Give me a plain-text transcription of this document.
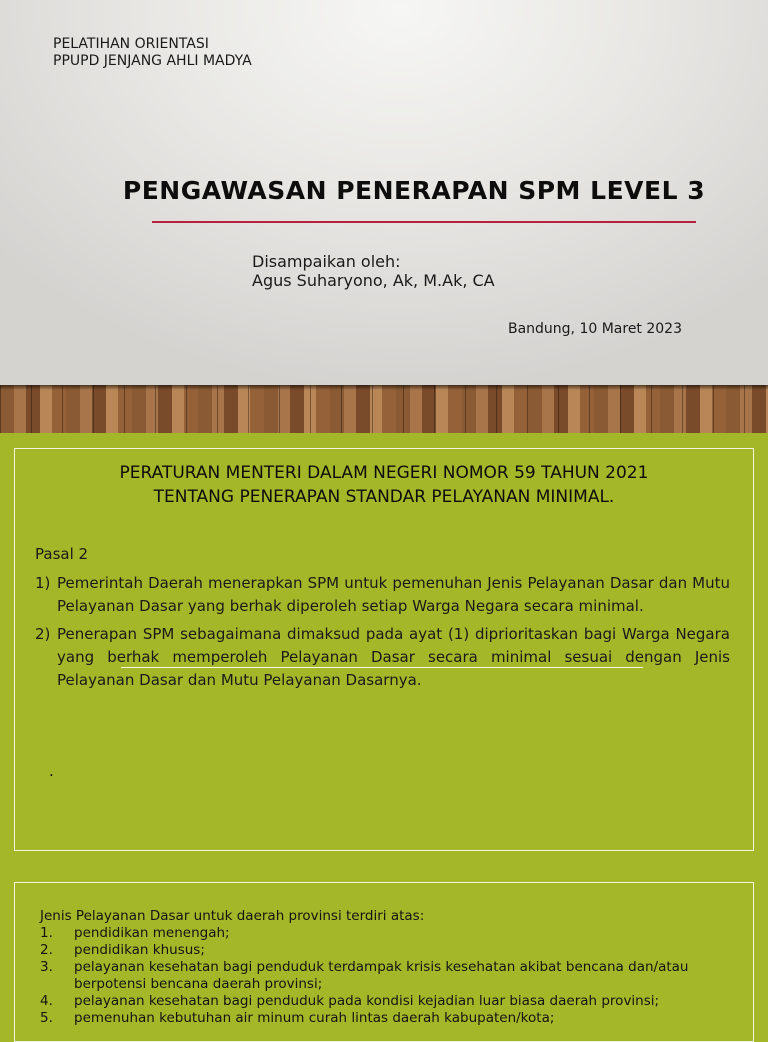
PELATIHAN ORIENTASI
PPUPD JENJANG AHLI MADYA
PENGAWASAN PENERAPAN SPM LEVEL 3
Disampaikan oleh:
Agus Suharyono, Ak, M.Ak, CA
Bandung, 10 Maret 2023
PERATURAN MENTERI DALAM NEGERI NOMOR 59 TAHUN 2021
TENTANG PENERAPAN STANDAR PELAYANAN MINIMAL.
Pasal 2
1) Pemerintah Daerah menerapkan SPM untuk pemenuhan Jenis Pelayanan Dasar dan Mutu Pelayanan Dasar yang berhak diperoleh setiap Warga Negara secara minimal.
2) Penerapan SPM sebagaimana dimaksud pada ayat (1) diprioritaskan bagi Warga Negara yang berhak memperoleh Pelayanan Dasar secara minimal sesuai dengan Jenis Pelayanan Dasar dan Mutu Pelayanan Dasarnya.
.
Jenis Pelayanan Dasar untuk daerah provinsi terdiri atas:
1.	pendidikan menengah;
2.	pendidikan khusus;
3.	pelayanan kesehatan bagi penduduk terdampak krisis kesehatan akibat bencana dan/atau berpotensi bencana daerah provinsi;
4.	pelayanan kesehatan bagi penduduk pada kondisi kejadian luar biasa daerah provinsi;
5.	pemenuhan kebutuhan air minum curah lintas daerah kabupaten/kota;
